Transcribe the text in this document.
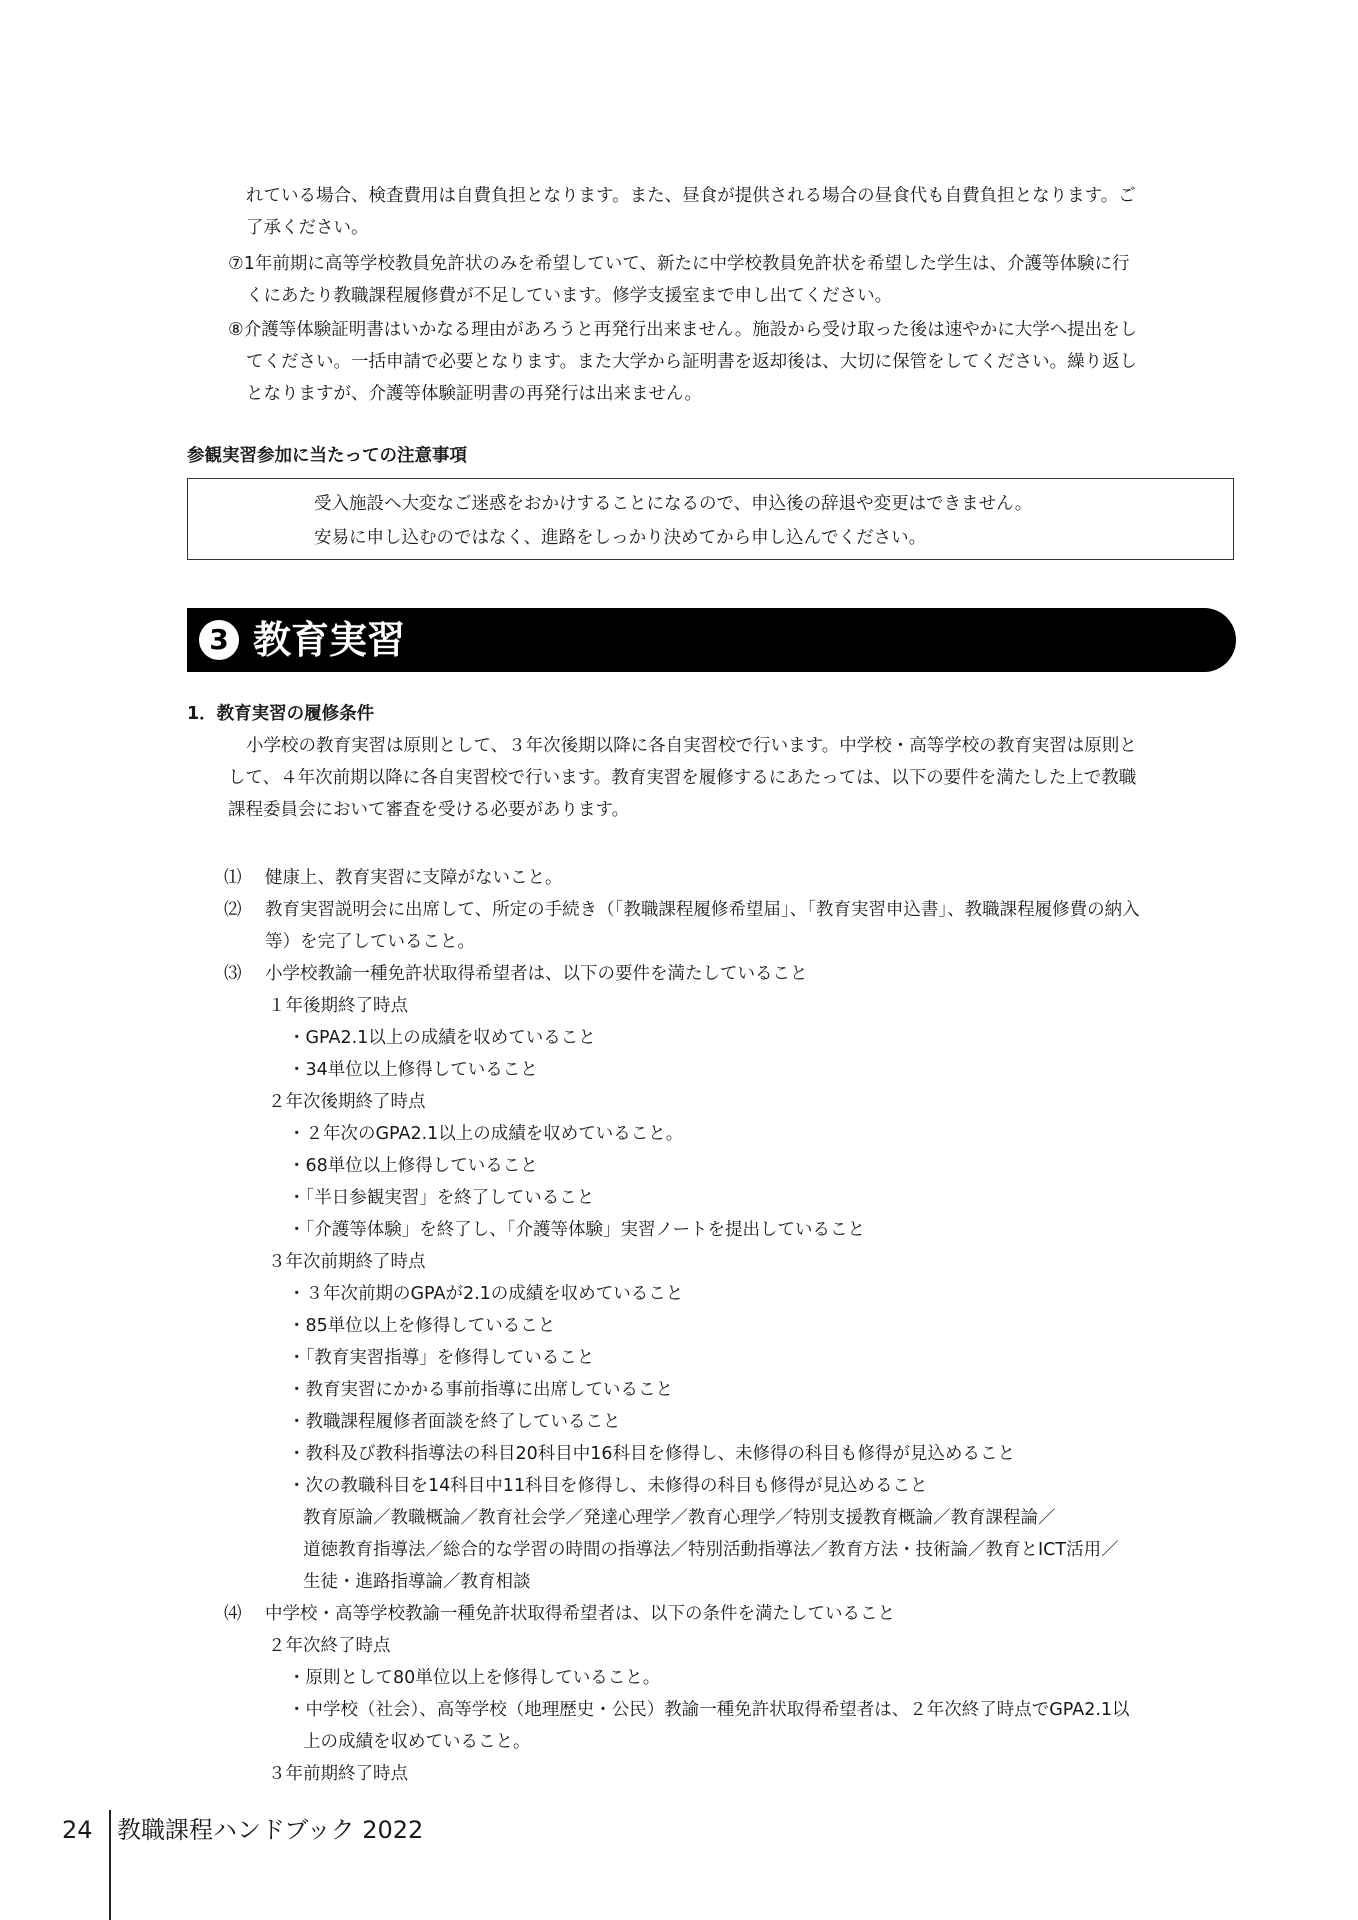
れている場合、検査費用は自費負担となります。また、昼食が提供される場合の昼食代も自費負担となります。ご
了承ください。
⑦1年前期に高等学校教員免許状のみを希望していて、新たに中学校教員免許状を希望した学生は、介護等体験に行
くにあたり教職課程履修費が不足しています。修学支援室まで申し出てください。
⑧介護等体験証明書はいかなる理由があろうと再発行出来ません。施設から受け取った後は速やかに大学へ提出をし
てください。一括申請で必要となります。また大学から証明書を返却後は、大切に保管をしてください。繰り返し
となりますが、介護等体験証明書の再発行は出来ません。
参観実習参加に当たっての注意事項
受入施設へ大変なご迷惑をおかけすることになるので、申込後の辞退や変更はできません。
安易に申し込むのではなく、進路をしっかり決めてから申し込んでください。
3 教育実習
1．教育実習の履修条件
小学校の教育実習は原則として、３年次後期以降に各自実習校で行います。中学校・高等学校の教育実習は原則と
して、４年次前期以降に各自実習校で行います。教育実習を履修するにあたっては、以下の要件を満たした上で教職
課程委員会において審査を受ける必要があります。
⑴ 健康上、教育実習に支障がないこと。
⑵ 教育実習説明会に出席して、所定の手続き（「教職課程履修希望届」、「教育実習申込書」、教職課程履修費の納入
等）を完了していること。
⑶ 小学校教諭一種免許状取得希望者は、以下の要件を満たしていること
１年後期終了時点
・GPA2.1以上の成績を収めていること
・34単位以上修得していること
２年次後期終了時点
・２年次のGPA2.1以上の成績を収めていること。
・68単位以上修得していること
・「半日参観実習」を終了していること
・「介護等体験」を終了し、「介護等体験」実習ノートを提出していること
３年次前期終了時点
・３年次前期のGPAが2.1の成績を収めていること
・85単位以上を修得していること
・「教育実習指導」を修得していること
・教育実習にかかる事前指導に出席していること
・教職課程履修者面談を終了していること
・教科及び教科指導法の科目20科目中16科目を修得し、未修得の科目も修得が見込めること
・次の教職科目を14科目中11科目を修得し、未修得の科目も修得が見込めること
教育原論／教職概論／教育社会学／発達心理学／教育心理学／特別支援教育概論／教育課程論／
道徳教育指導法／総合的な学習の時間の指導法／特別活動指導法／教育方法・技術論／教育とICT活用／
生徒・進路指導論／教育相談
⑷ 中学校・高等学校教諭一種免許状取得希望者は、以下の条件を満たしていること
２年次終了時点
・原則として80単位以上を修得していること。
・中学校（社会）、高等学校（地理歴史・公民）教諭一種免許状取得希望者は、２年次終了時点でGPA2.1以
上の成績を収めていること。
３年前期終了時点
24 教職課程ハンドブック 2022
